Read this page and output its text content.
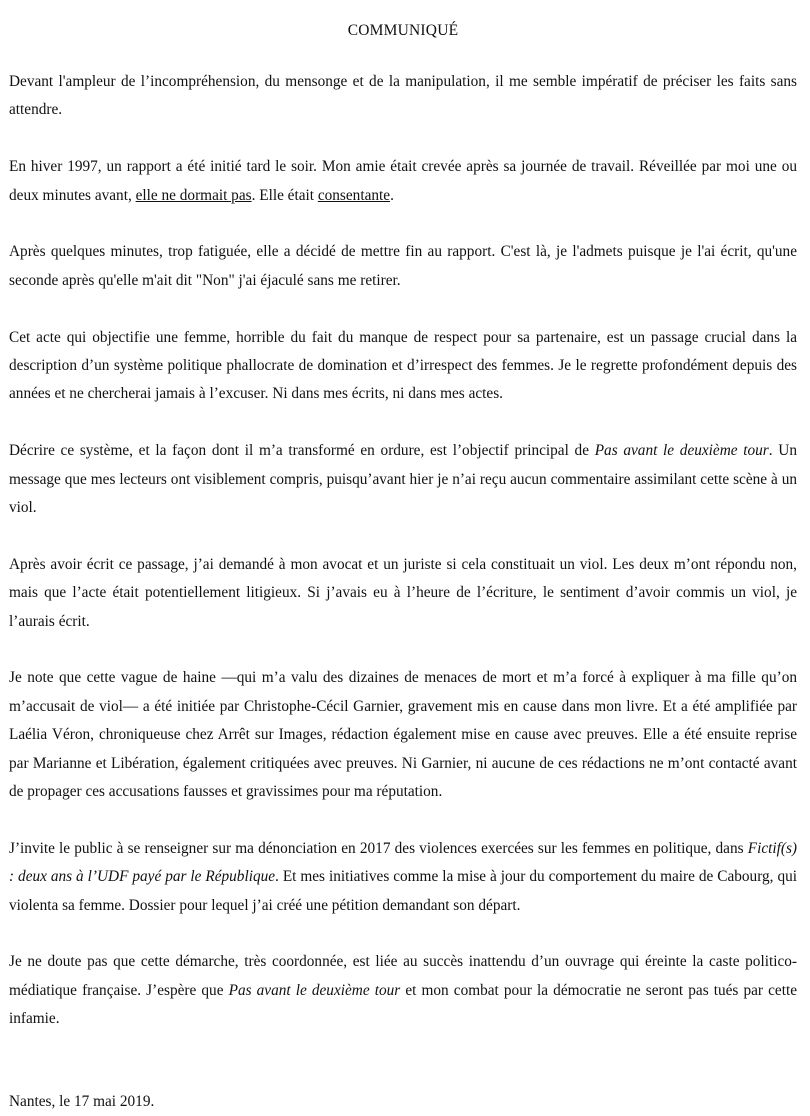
COMMUNIQUÉ

Devant l'ampleur de l’incompréhension, du mensonge et de la manipulation, il me semble impératif de préciser les faits sans attendre.

En hiver 1997, un rapport a été initié tard le soir. Mon amie était crevée après sa journée de travail. Réveillée par moi une ou deux minutes avant, elle ne dormait pas. Elle était consentante.

Après quelques minutes, trop fatiguée, elle a décidé de mettre fin au rapport. C'est là, je l'admets puisque je l'ai écrit, qu'une seconde après qu'elle m'ait dit "Non" j'ai éjaculé sans me retirer.

Cet acte qui objectifie une femme, horrible du fait du manque de respect pour sa partenaire, est un passage crucial dans la description d’un système politique phallocrate de domination et d’irrespect des femmes. Je le regrette profondément depuis des années et ne chercherai jamais à l’excuser. Ni dans mes écrits, ni dans mes actes.

Décrire ce système, et la façon dont il m’a transformé en ordure, est l’objectif principal de Pas avant le deuxième tour. Un message que mes lecteurs ont visiblement compris, puisqu’avant hier je n’ai reçu aucun commentaire assimilant cette scène à un viol.

Après avoir écrit ce passage, j’ai demandé à mon avocat et un juriste si cela constituait un viol. Les deux m’ont répondu non, mais que l’acte était potentiellement litigieux. Si j’avais eu à l’heure de l’écriture, le sentiment d’avoir commis un viol, je l’aurais écrit.

Je note que cette vague de haine —qui m’a valu des dizaines de menaces de mort et m’a forcé à expliquer à ma fille qu’on m’accusait de viol— a été initiée par Christophe-Cécil Garnier, gravement mis en cause dans mon livre. Et a été amplifiée par Laélia Véron, chroniqueuse chez Arrêt sur Images, rédaction également mise en cause avec preuves. Elle a été ensuite reprise par Marianne et Libération, également critiquées avec preuves. Ni Garnier, ni aucune de ces rédactions ne m’ont contacté avant de propager ces accusations fausses et gravissimes pour ma réputation.

J’invite le public à se renseigner sur ma dénonciation en 2017 des violences exercées sur les femmes en politique, dans Fictif(s) : deux ans à l’UDF payé par le République. Et mes initiatives comme la mise à jour du comportement du maire de Cabourg, qui violenta sa femme. Dossier pour lequel j’ai créé une pétition demandant son départ.

Je ne doute pas que cette démarche, très coordonnée, est liée au succès inattendu d’un ouvrage qui éreinte la caste politico-médiatique française. J’espère que Pas avant le deuxième tour et mon combat pour la démocratie ne seront pas tués par cette infamie.

Nantes, le 17 mai 2019.
